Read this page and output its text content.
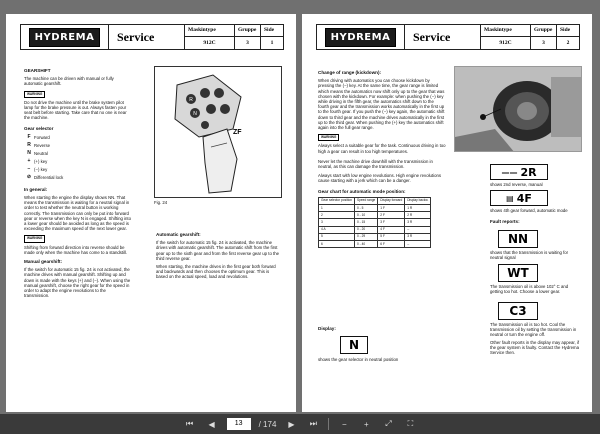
HYDREMA	Service	Maskintype
912C
Gruppe
3
Side
1
GEARSHIFT
The machine can be driven with manual or fully automatic gearshift.
WARNING
Do not drive the machine until the brake system pilot lamp for the brake pressure is out. Always fasten your seat belt before starting. Take care that no one is near the machine.
Gear selector
F Forward
R Reverse
N Neutral
+ (+) key
− (−) key
⊘ Differential lock
In general:
When starting the engine the display shows NN. That means the transmission is waiting for a neutral signal in order to test whether the neutral button is working correctly. The transmission can only be put into forward gear or reverse when the key N is engaged. Shifting into a lower gear should be avoided as long as the speed is exceeding the maximum speed of the next lower gear.
WARNING
Shifting from forward direction into reverse should be made only when the machine has come to a standstill.
Manual gearshift:
If the switch for automatic 15 fig. 24 is not activated, the machine drives with manual gearshift. Shifting up and down is made with the keys (+) and (−). When using the manual gearshift, choose the right gear for the speed in order to adapt the engine revolutions to the transmission.
R
N
ZF
Fig. 24
Automatic gearshift:
If the switch for automatic 15 fig. 24 is activated, the machine drives with automatic gearshift. The automatic shift from the first gear up to the sixth gear and from the first reverse gear up to the third reverse gear.
When starting, the machine drives in the first gear both forward and backwards and then chooses the optimum gear. This is based on the actual speed, load and revolutions.
HYDREMA	Service	Maskintype
912C
Gruppe
3
Side
2
Change of range (kickdown):
When driving with automatics you can choose kickdown by pressing the (−) key. At the same time, the gear range is limited which means the automatics now shift only up to the gear that was chosen with the kickdown. For example: when pushing the (−) key while driving in the fifth gear, the automatics shift down to the fourth gear and the transmission works automatically in the first up to the fourth gear. If you push the (−) key again, the automatic shift down to third gear and the machine drives automatically in the first up to the third gear. When pushing the (+) key the automatics shift again into the full gear range.
WARNING
Always select a suitable gear for the task. Continuous driving in too high a gear can result in too high temperatures.
Never let the machine drive downhill with the transmission in neutral, as this can damage the transmission.
Always start with low engine revolutions. High engine revolutions cause starting with a jerk which can be a danger.
Gear chart for automatic mode position:
Gear selector position	Speed range	Display forward	Display backw.
1	0 - 5	1 F	1 R
2	0 - 10	2 F	2 R
3	0 - 15	3 F	3 R
4 A	0 - 20	4 F	--
5	0 - 29	5 F	3 R
6	0 - 40	6 F	--
Display:
N
shows the gear selector in neutral position
—— 2R
shows 2nd reverse, manual
▤ 4F
shows 4th gear forward, automatic mode
Fault reports:
NN
shows that the transmission is waiting for neutral signal
WT
The transmission oil is above 102° C and getting too hot. Choose a lower gear.
C3
The transmission oil is too hot. Cool the transmission oil by setting the transmission in neutral or turn the engine off.
Other fault reports in the display may appear, if the gear system is faulty. Contact the Hydrema Service then.
⏮	◀	13	/ 174	▶	⏭	−	+	⤢	⛶
